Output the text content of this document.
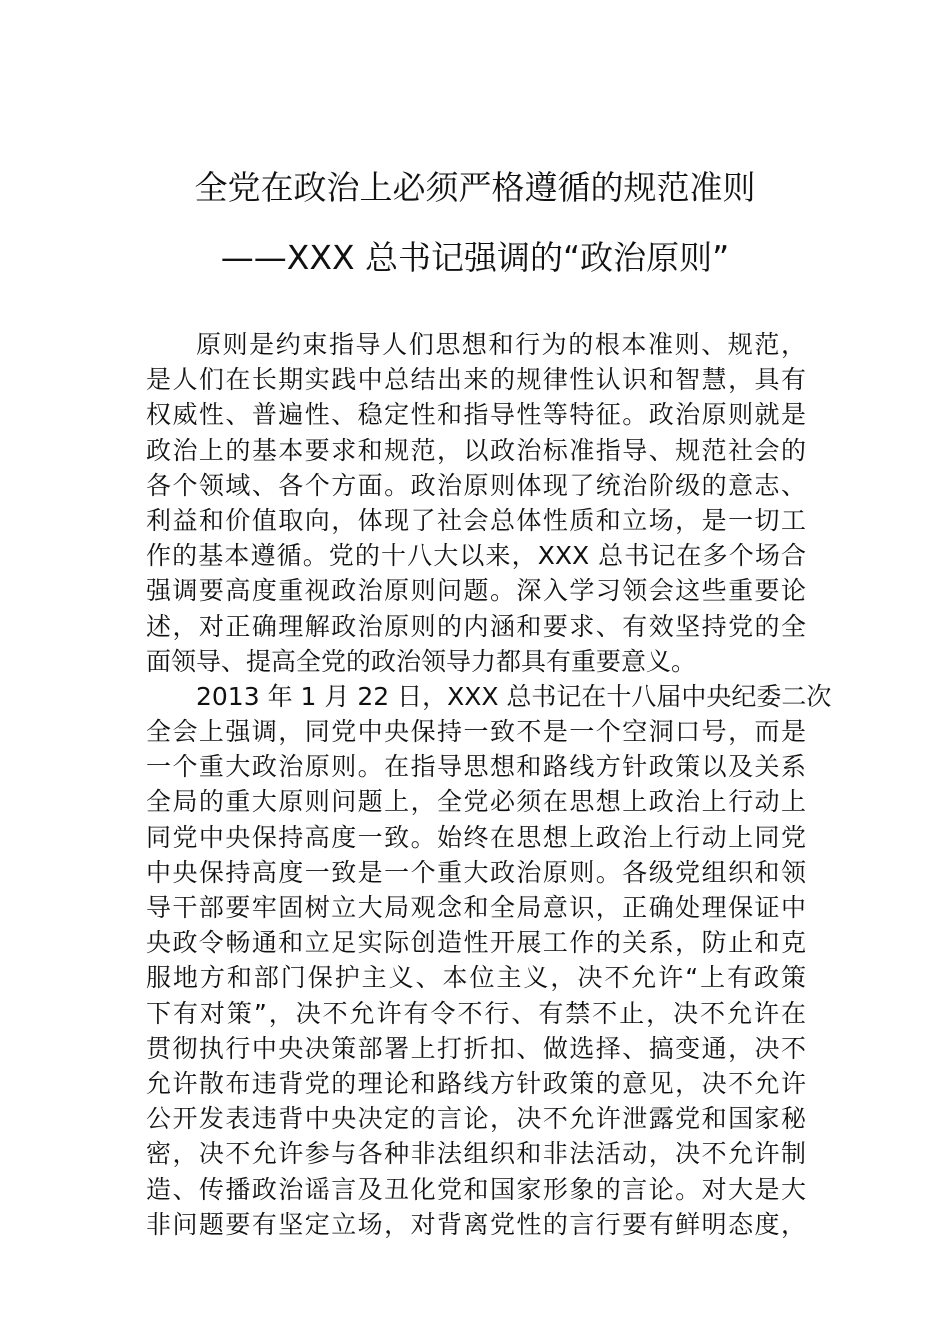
全党在政治上必须严格遵循的规范准则
——XXX 总书记强调的“政治原则”
原则是约束指导人们思想和行为的根本准则、规范，
是人们在长期实践中总结出来的规律性认识和智慧，具有
权威性、普遍性、稳定性和指导性等特征。政治原则就是
政治上的基本要求和规范，以政治标准指导、规范社会的
各个领域、各个方面。政治原则体现了统治阶级的意志、
利益和价值取向，体现了社会总体性质和立场，是一切工
作的基本遵循。党的十八大以来，XXX 总书记在多个场合
强调要高度重视政治原则问题。深入学习领会这些重要论
述，对正确理解政治原则的内涵和要求、有效坚持党的全
面领导、提高全党的政治领导力都具有重要意义。
2013 年 1 月 22 日，XXX 总书记在十八届中央纪委二次
全会上强调，同党中央保持一致不是一个空洞口号，而是
一个重大政治原则。在指导思想和路线方针政策以及关系
全局的重大原则问题上，全党必须在思想上政治上行动上
同党中央保持高度一致。始终在思想上政治上行动上同党
中央保持高度一致是一个重大政治原则。各级党组织和领
导干部要牢固树立大局观念和全局意识，正确处理保证中
央政令畅通和立足实际创造性开展工作的关系，防止和克
服地方和部门保护主义、本位主义，决不允许“上有政策
下有对策”，决不允许有令不行、有禁不止，决不允许在
贯彻执行中央决策部署上打折扣、做选择、搞变通，决不
允许散布违背党的理论和路线方针政策的意见，决不允许
公开发表违背中央决定的言论，决不允许泄露党和国家秘
密，决不允许参与各种非法组织和非法活动，决不允许制
造、传播政治谣言及丑化党和国家形象的言论。对大是大
非问题要有坚定立场，对背离党性的言行要有鲜明态度，
